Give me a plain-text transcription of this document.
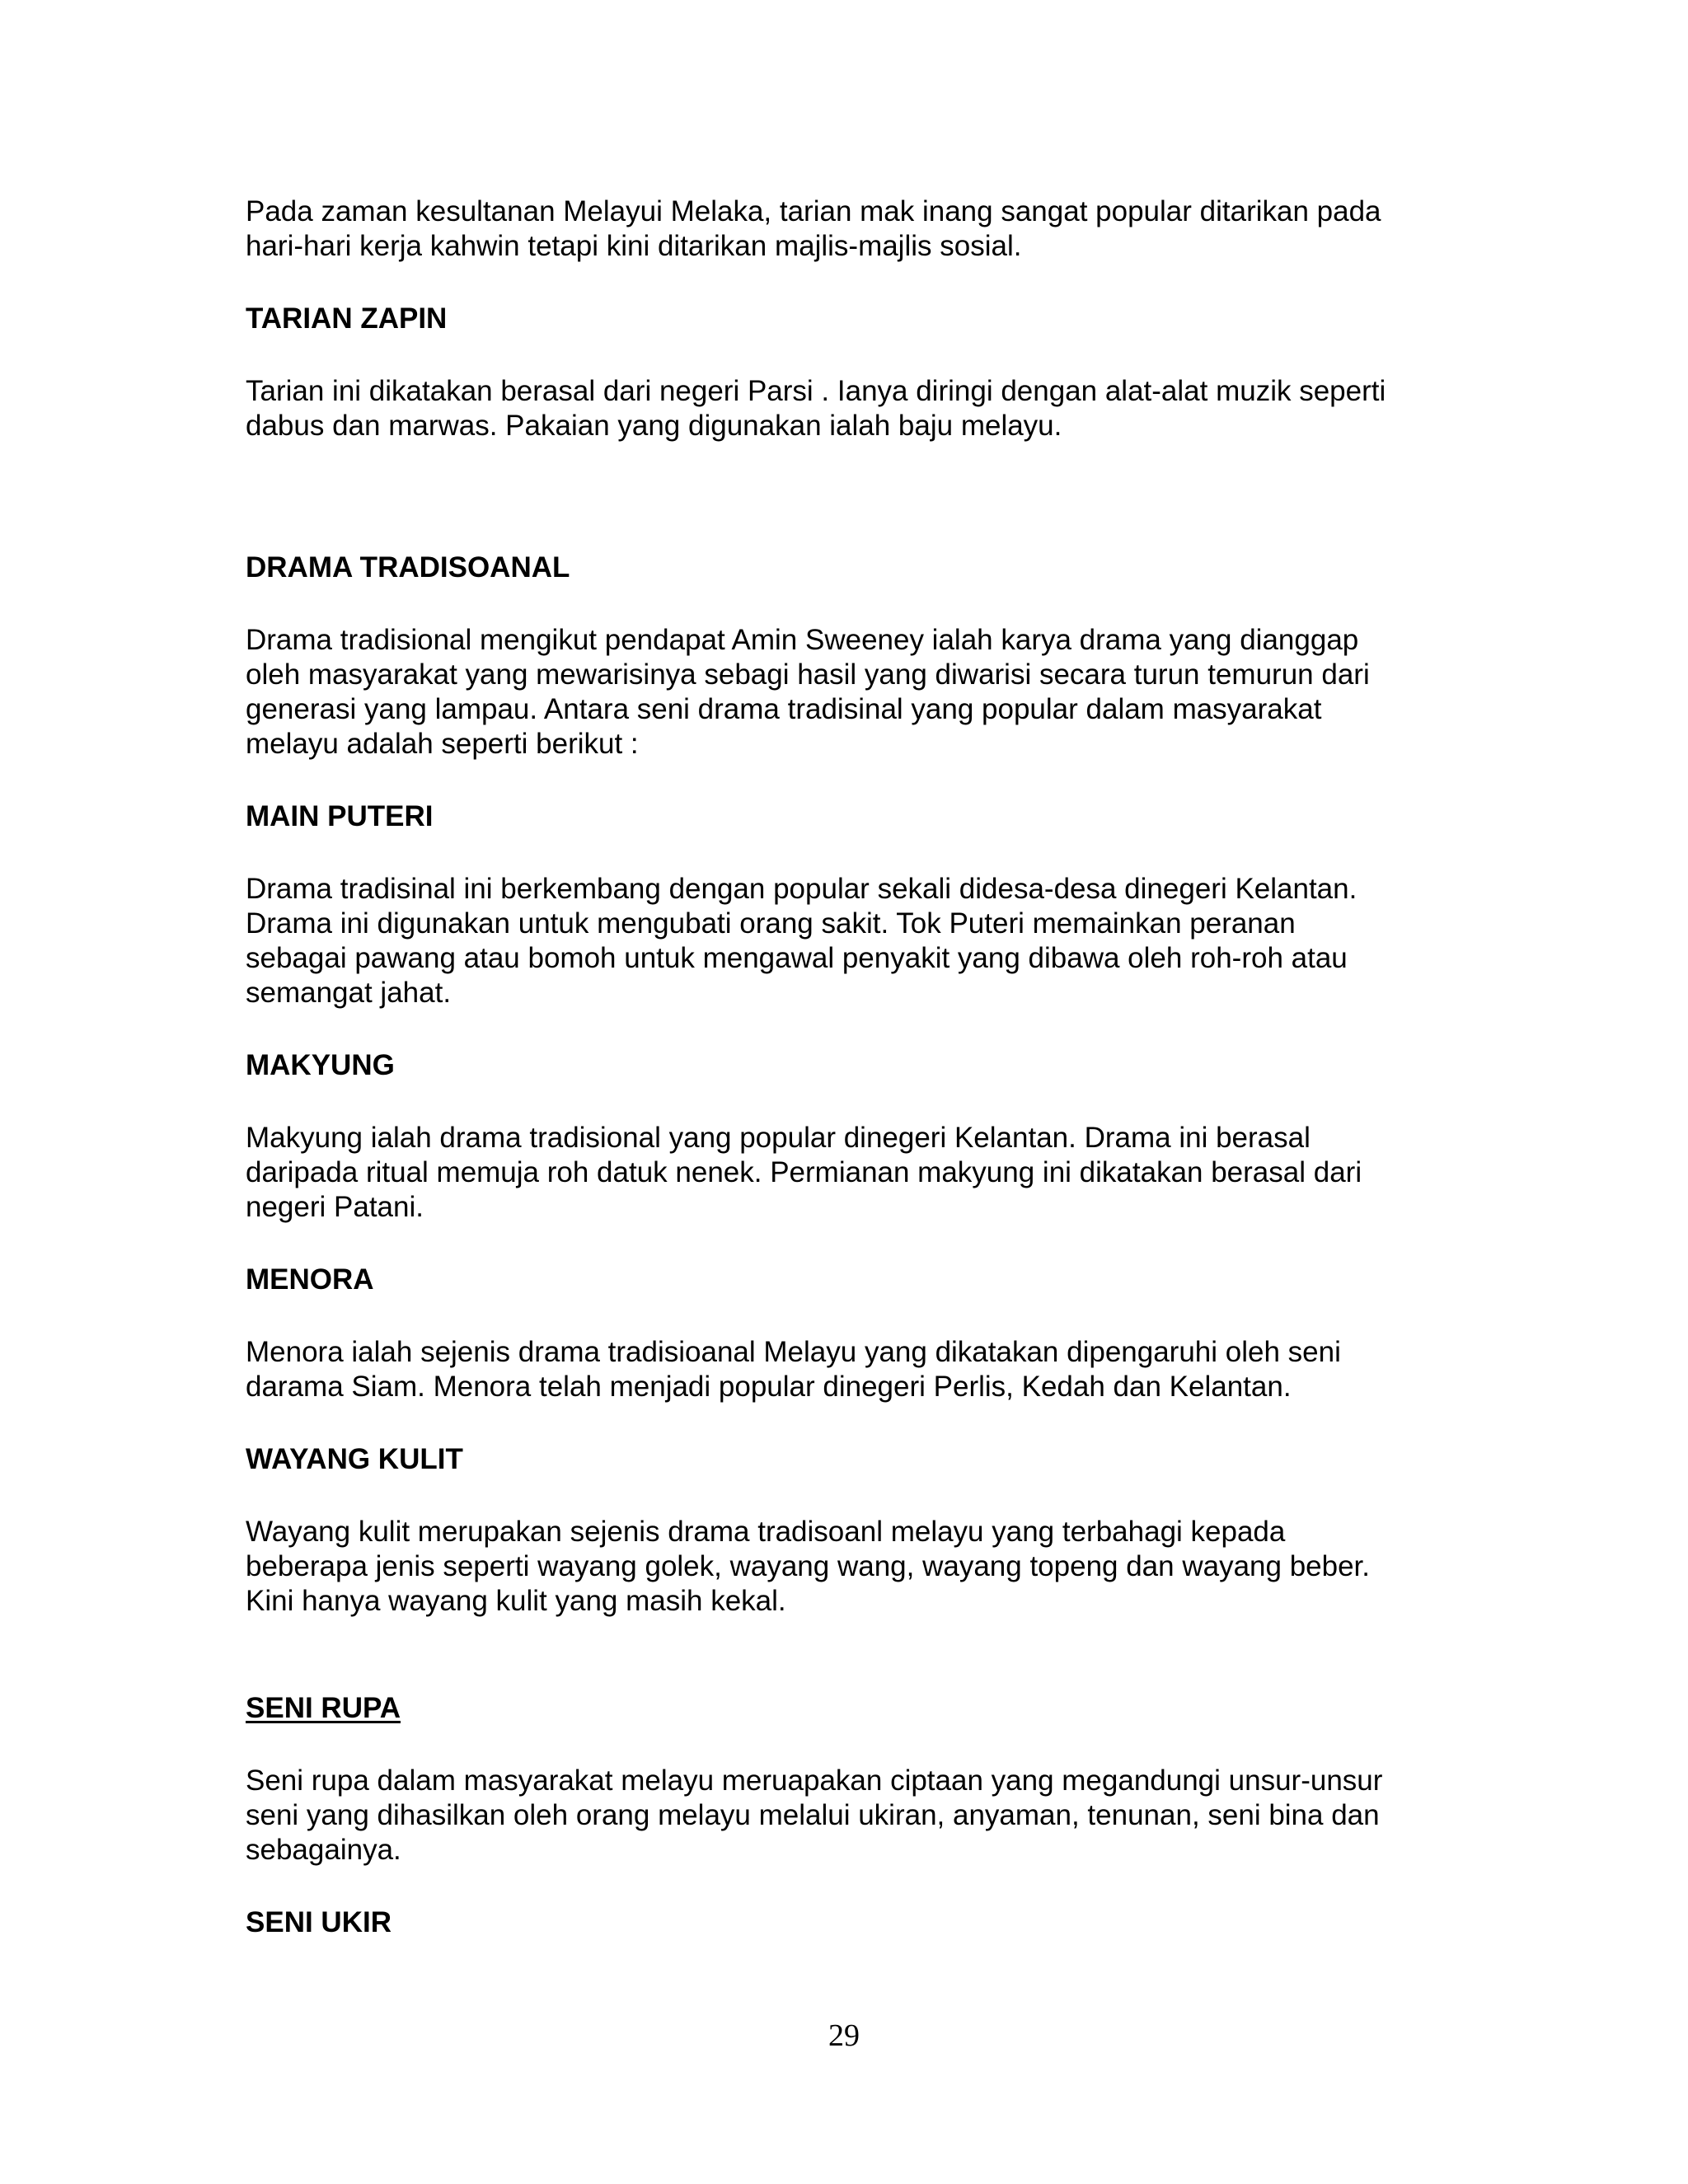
Pada zaman kesultanan Melayui Melaka, tarian mak inang sangat popular ditarikan pada
hari-hari kerja kahwin tetapi kini ditarikan majlis-majlis sosial.

TARIAN ZAPIN

Tarian ini dikatakan berasal dari negeri Parsi . Ianya diringi dengan alat-alat muzik seperti
dabus dan marwas. Pakaian yang digunakan ialah baju melayu.

DRAMA TRADISOANAL

Drama tradisional mengikut pendapat Amin Sweeney ialah karya drama yang dianggap
oleh masyarakat yang mewarisinya sebagi hasil yang diwarisi secara turun temurun dari
generasi yang lampau. Antara seni drama tradisinal yang popular dalam masyarakat
melayu adalah seperti berikut :

MAIN PUTERI

Drama tradisinal ini berkembang dengan popular sekali didesa-desa dinegeri Kelantan.
Drama ini digunakan untuk mengubati orang sakit. Tok Puteri memainkan peranan
sebagai pawang atau bomoh untuk mengawal penyakit yang dibawa oleh roh-roh atau
semangat jahat.

MAKYUNG

Makyung ialah drama tradisional yang popular dinegeri Kelantan. Drama ini berasal
daripada ritual memuja roh datuk nenek. Permianan makyung ini dikatakan berasal dari
negeri Patani.

MENORA

Menora ialah sejenis drama tradisioanal Melayu yang dikatakan dipengaruhi oleh seni
darama Siam. Menora telah menjadi popular dinegeri Perlis, Kedah dan Kelantan.

WAYANG KULIT

Wayang kulit merupakan sejenis drama tradisoanl melayu yang terbahagi kepada
beberapa jenis seperti wayang golek, wayang wang, wayang topeng dan wayang beber.
Kini hanya wayang kulit yang masih kekal.

SENI RUPA

Seni rupa dalam masyarakat melayu meruapakan ciptaan yang megandungi unsur-unsur
seni yang dihasilkan oleh orang melayu melalui ukiran, anyaman, tenunan, seni bina dan
sebagainya.

SENI UKIR
29
